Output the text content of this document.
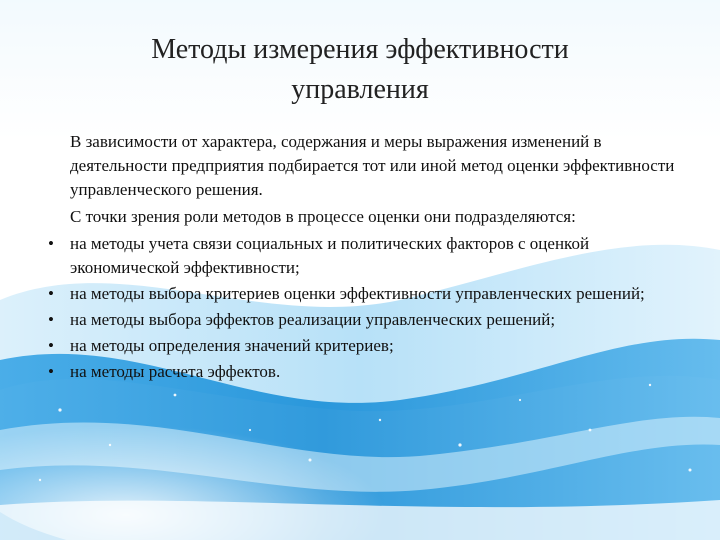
Методы измерения эффективности
управления

В зависимости от характера, содержания и меры выражения изменений в деятельности предприятия подбирается тот или иной метод оценки эффективности управленческого решения.

С точки зрения роли методов в процессе оценки они подразделяются:

• на методы учета связи социальных и политических факторов с оценкой экономической эффективности;
• на методы выбора критериев оценки эффективности управленческих решений;
• на методы выбора эффектов реализации управленческих решений;
• на методы определения значений критериев;
• на методы расчета эффектов.
